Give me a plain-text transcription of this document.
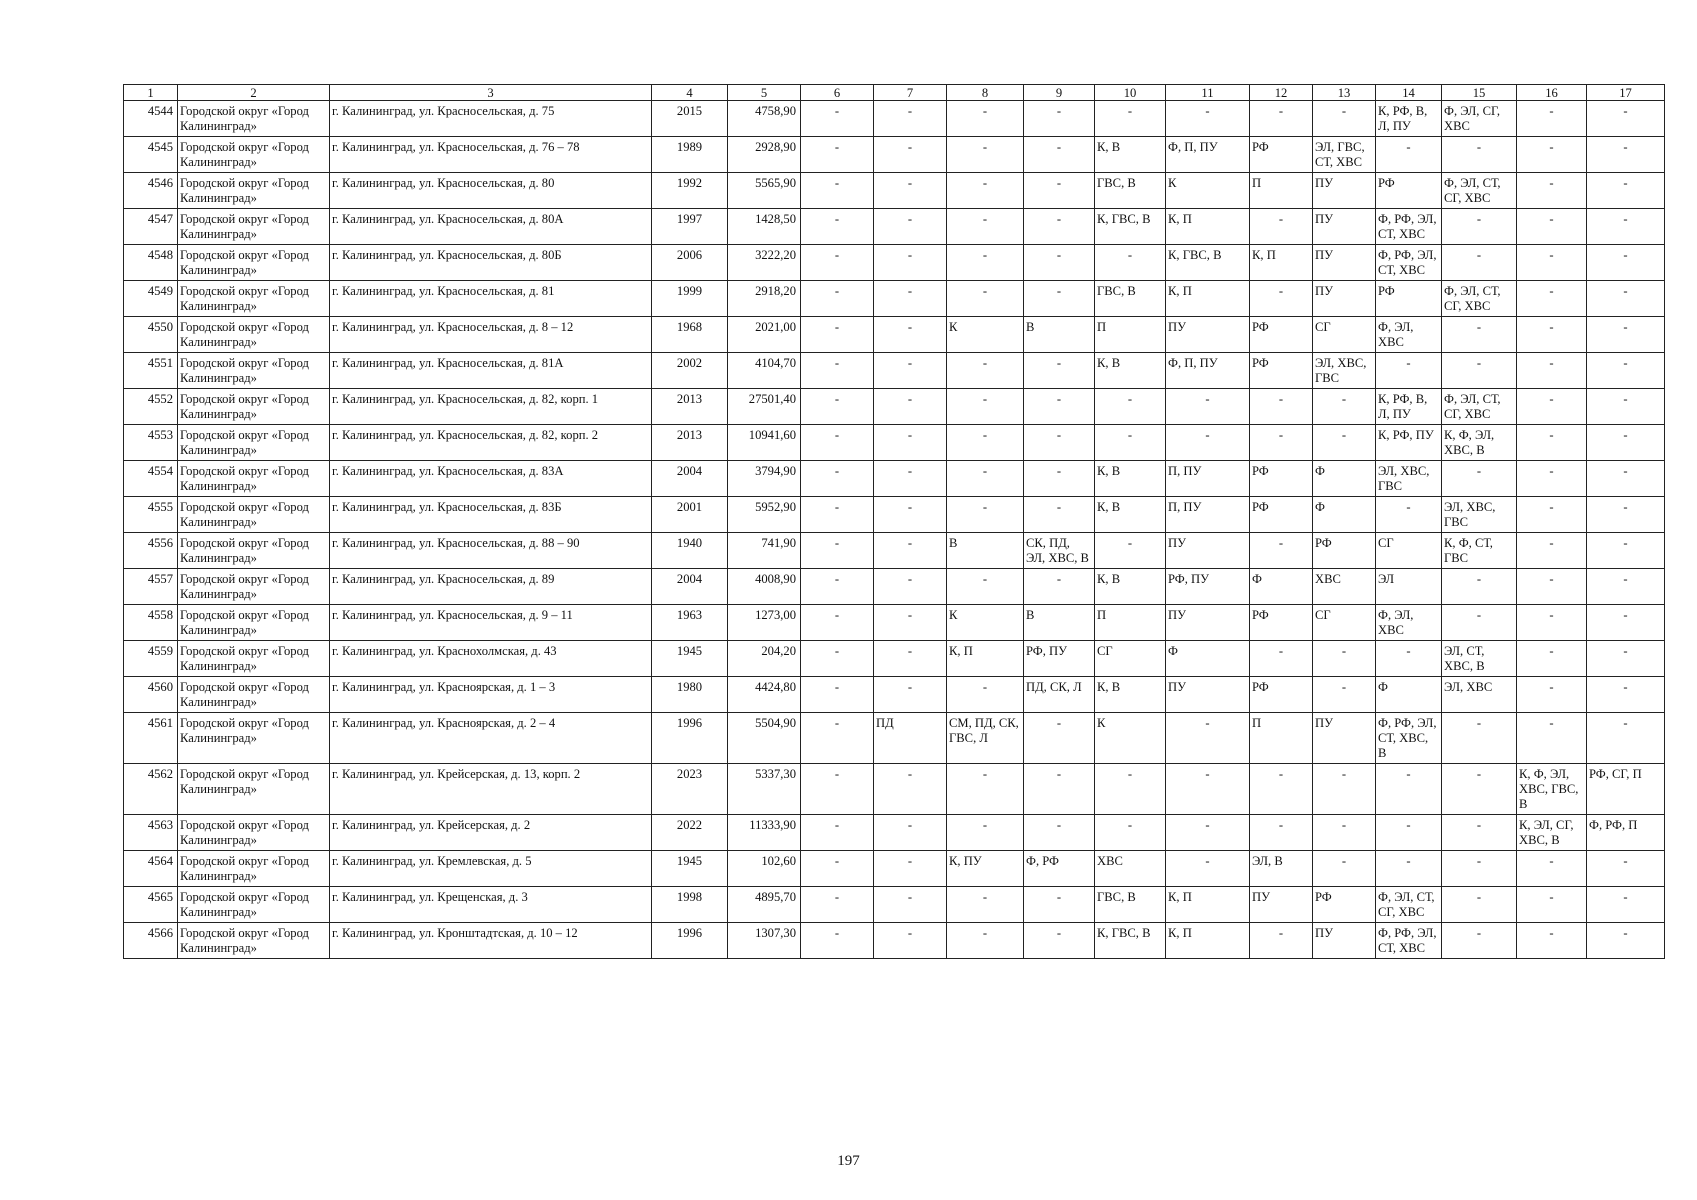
1	2	3	4	5	6	7	8	9	10	11	12	13	14	15	16	17
4544	Городской округ «Город Калининград»	г. Калининград, ул. Красносельская, д. 75	2015	4758,90	-	-	-	-	-	-	-	-	К, РФ, В, Л, ПУ	Ф, ЭЛ, СГ, ХВС	-	-
4545	Городской округ «Город Калининград»	г. Калининград, ул. Красносельская, д. 76 – 78	1989	2928,90	-	-	-	-	К, В	Ф, П, ПУ	РФ	ЭЛ, ГВС, СТ, ХВС	-	-	-	-
4546	Городской округ «Город Калининград»	г. Калининград, ул. Красносельская, д. 80	1992	5565,90	-	-	-	-	ГВС, В	К	П	ПУ	РФ	Ф, ЭЛ, СТ, СГ, ХВС	-	-
4547	Городской округ «Город Калининград»	г. Калининград, ул. Красносельская, д. 80А	1997	1428,50	-	-	-	-	К, ГВС, В	К, П	-	ПУ	Ф, РФ, ЭЛ, СТ, ХВС	-	-	-
4548	Городской округ «Город Калининград»	г. Калининград, ул. Красносельская, д. 80Б	2006	3222,20	-	-	-	-	-	К, ГВС, В	К, П	ПУ	Ф, РФ, ЭЛ, СТ, ХВС	-	-	-
4549	Городской округ «Город Калининград»	г. Калининград, ул. Красносельская, д. 81	1999	2918,20	-	-	-	-	ГВС, В	К, П	-	ПУ	РФ	Ф, ЭЛ, СТ, СГ, ХВС	-	-
4550	Городской округ «Город Калининград»	г. Калининград, ул. Красносельская, д. 8 – 12	1968	2021,00	-	-	К	В	П	ПУ	РФ	СГ	Ф, ЭЛ, ХВС	-	-	-
4551	Городской округ «Город Калининград»	г. Калининград, ул. Красносельская, д. 81А	2002	4104,70	-	-	-	-	К, В	Ф, П, ПУ	РФ	ЭЛ, ХВС, ГВС	-	-	-	-
4552	Городской округ «Город Калининград»	г. Калининград, ул. Красносельская, д. 82, корп. 1	2013	27501,40	-	-	-	-	-	-	-	-	К, РФ, В, Л, ПУ	Ф, ЭЛ, СТ, СГ, ХВС	-	-
4553	Городской округ «Город Калининград»	г. Калининград, ул. Красносельская, д. 82, корп. 2	2013	10941,60	-	-	-	-	-	-	-	-	К, РФ, ПУ	К, Ф, ЭЛ, ХВС, В	-	-
4554	Городской округ «Город Калининград»	г. Калининград, ул. Красносельская, д. 83А	2004	3794,90	-	-	-	-	К, В	П, ПУ	РФ	Ф	ЭЛ, ХВС, ГВС	-	-	-
4555	Городской округ «Город Калининград»	г. Калининград, ул. Красносельская, д. 83Б	2001	5952,90	-	-	-	-	К, В	П, ПУ	РФ	Ф	-	ЭЛ, ХВС, ГВС	-	-
4556	Городской округ «Город Калининград»	г. Калининград, ул. Красносельская, д. 88 – 90	1940	741,90	-	-	В	СК, ПД, ЭЛ, ХВС, В	-	ПУ	-	РФ	СГ	К, Ф, СТ, ГВС	-	-
4557	Городской округ «Город Калининград»	г. Калининград, ул. Красносельская, д. 89	2004	4008,90	-	-	-	-	К, В	РФ, ПУ	Ф	ХВС	ЭЛ	-	-	-
4558	Городской округ «Город Калининград»	г. Калининград, ул. Красносельская, д. 9 – 11	1963	1273,00	-	-	К	В	П	ПУ	РФ	СГ	Ф, ЭЛ, ХВС	-	-	-
4559	Городской округ «Город Калининград»	г. Калининград, ул. Краснохолмская, д. 43	1945	204,20	-	-	К, П	РФ, ПУ	СГ	Ф	-	-	-	ЭЛ, СТ, ХВС, В	-	-
4560	Городской округ «Город Калининград»	г. Калининград, ул. Красноярская, д. 1 – 3	1980	4424,80	-	-	-	ПД, СК, Л	К, В	ПУ	РФ	-	Ф	ЭЛ, ХВС	-	-
4561	Городской округ «Город Калининград»	г. Калининград, ул. Красноярская, д. 2 – 4	1996	5504,90	-	ПД	СМ, ПД, СК, ГВС, Л	-	К	-	П	ПУ	Ф, РФ, ЭЛ, СТ, ХВС, В	-	-	-
4562	Городской округ «Город Калининград»	г. Калининград, ул. Крейсерская, д. 13, корп. 2	2023	5337,30	-	-	-	-	-	-	-	-	-	-	К, Ф, ЭЛ, ХВС, ГВС, В	РФ, СГ, П
4563	Городской округ «Город Калининград»	г. Калининград, ул. Крейсерская, д. 2	2022	11333,90	-	-	-	-	-	-	-	-	-	-	К, ЭЛ, СГ, ХВС, В	Ф, РФ, П
4564	Городской округ «Город Калининград»	г. Калининград, ул. Кремлевская, д. 5	1945	102,60	-	-	К, ПУ	Ф, РФ	ХВС	-	ЭЛ, В	-	-	-	-	-
4565	Городской округ «Город Калининград»	г. Калининград, ул. Крещенская, д. 3	1998	4895,70	-	-	-	-	ГВС, В	К, П	ПУ	РФ	Ф, ЭЛ, СТ, СГ, ХВС	-	-	-
4566	Городской округ «Город Калининград»	г. Калининград, ул. Кронштадтская, д. 10 – 12	1996	1307,30	-	-	-	-	К, ГВС, В	К, П	-	ПУ	Ф, РФ, ЭЛ, СТ, ХВС	-	-	-
197
